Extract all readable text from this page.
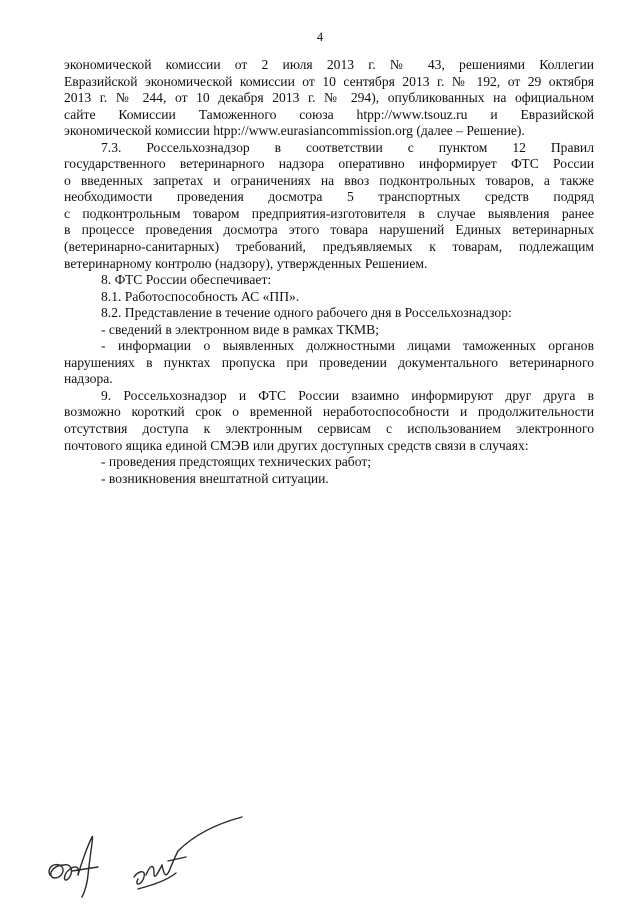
4
экономической комиссии от 2 июля 2013 г. № 43, решениями Коллегии
Евразийской экономической комиссии от 10 сентября 2013 г. № 192, от 29 октября
2013 г. № 244, от 10 декабря 2013 г. № 294), опубликованных на официальном
сайте Комиссии Таможенного союза htpp://www.tsouz.ru и Евразийской
экономической комиссии htpp://www.eurasiancommission.org (далее – Решение).
7.3. Россельхознадзор в соответствии с пунктом 12 Правил
государственного ветеринарного надзора оперативно информирует ФТС России
о введенных запретах и ограничениях на ввоз подконтрольных товаров, а также
необходимости проведения досмотра 5 транспортных средств подряд
с подконтрольным товаром предприятия-изготовителя в случае выявления ранее
в процессе проведения досмотра этого товара нарушений Единых ветеринарных
(ветеринарно-санитарных) требований, предъявляемых к товарам, подлежащим
ветеринарному контролю (надзору), утвержденных Решением.
8. ФТС России обеспечивает:
8.1. Работоспособность АС «ПП».
8.2. Представление в течение одного рабочего дня в Россельхознадзор:
- сведений в электронном виде в рамках ТКМВ;
- информации о выявленных должностными лицами таможенных органов
нарушениях в пунктах пропуска при проведении документального ветеринарного
надзора.
9. Россельхознадзор и ФТС России взаимно информируют друг друга в
возможно короткий срок о временной неработоспособности и продолжительности
отсутствия доступа к электронным сервисам с использованием электронного
почтового ящика единой СМЭВ или других доступных средств связи в случаях:
- проведения предстоящих технических работ;
- возникновения внештатной ситуации.
